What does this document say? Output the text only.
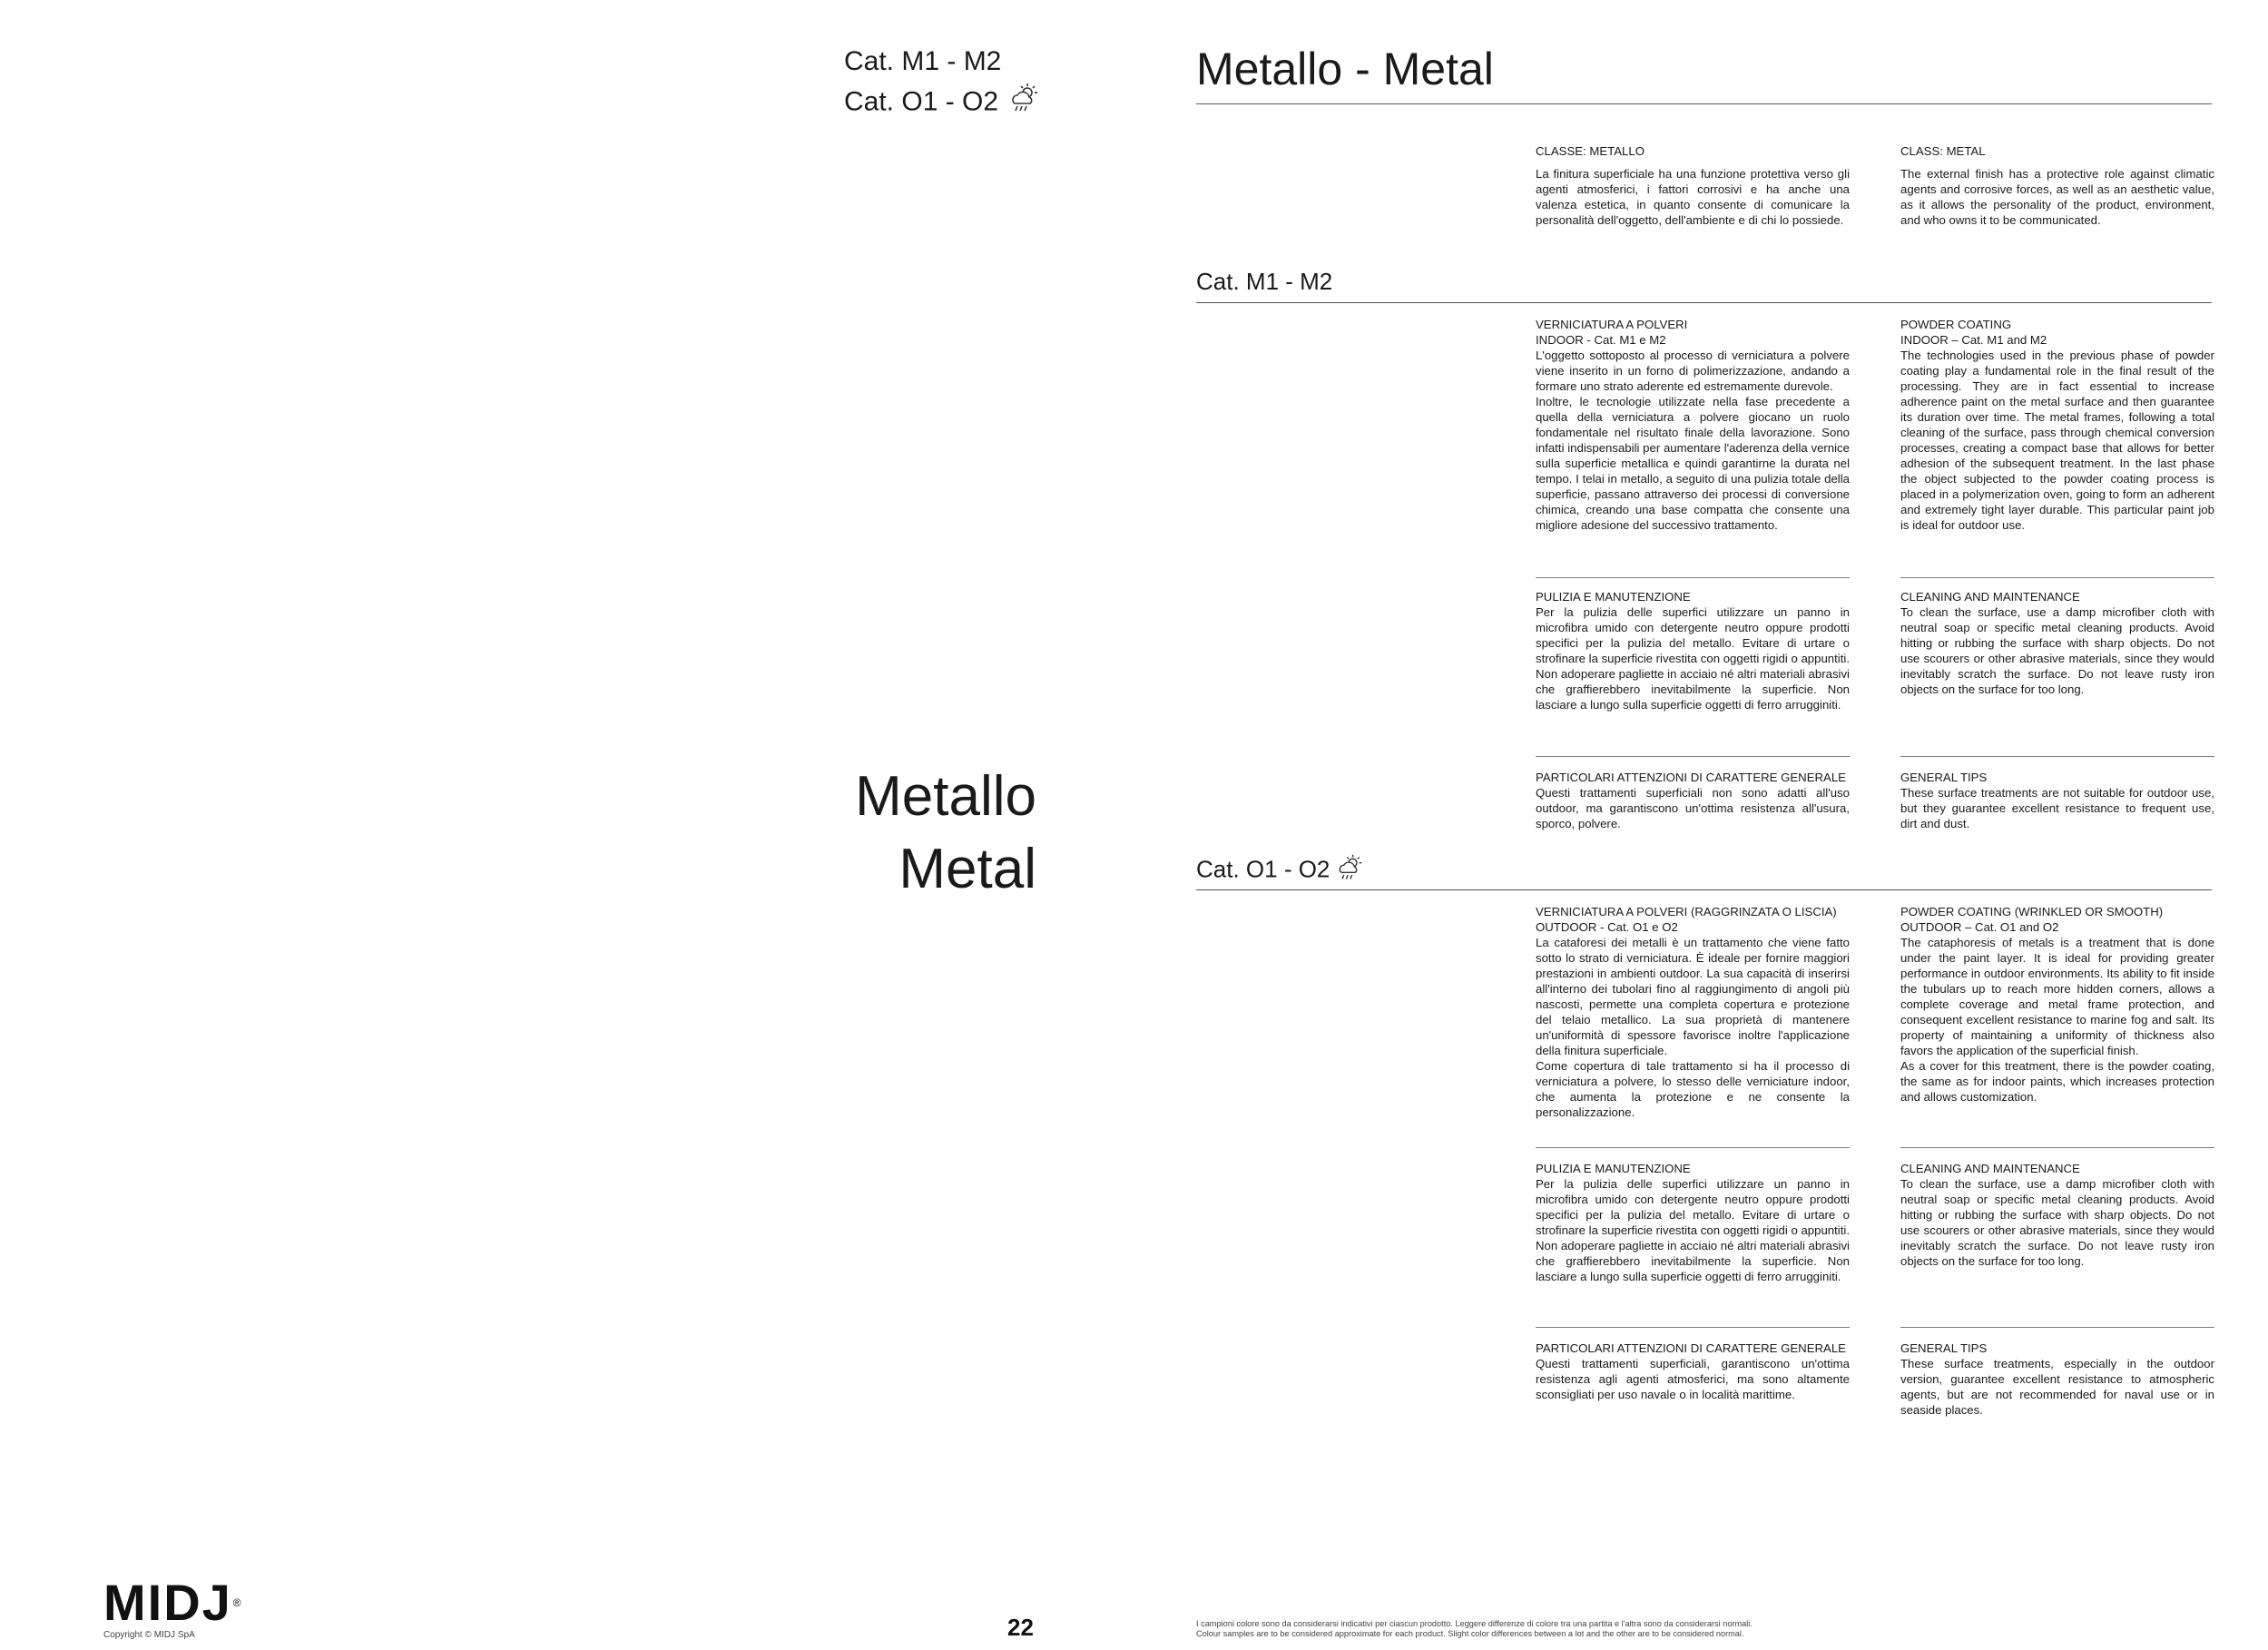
Cat. M1 - M2
Cat. O1 - O2
Metallo
Metal
Metallo - Metal

CLASSE: METALLO

La finitura superficiale ha una funzione protettiva verso gli agenti atmosferici, i fattori corrosivi e ha anche una valenza estetica, in quanto consente di comunicare la personalità dell'oggetto, dell'ambiente e di chi lo possiede.

CLASS: METAL

The external finish has a protective role against climatic agents and corrosive forces, as well as an aesthetic value, as it allows the personality of the product, environment, and who owns it to be communicated.

Cat. M1 - M2

VERNICIATURA A POLVERI

INDOOR - Cat. M1 e M2

L'oggetto sottoposto al processo di verniciatura a polvere viene inserito in un forno di polimerizzazione, andando a formare uno strato aderente ed estremamente durevole.

Inoltre, le tecnologie utilizzate nella fase precedente a quella della verniciatura a polvere giocano un ruolo fondamentale nel risultato finale della lavorazione. Sono infatti indispensabili per aumentare l'aderenza della vernice sulla superficie metallica e quindi garantirne la durata nel tempo. I telai in metallo, a seguito di una pulizia totale della superficie, passano attraverso dei processi di conversione chimica, creando una base compatta che consente una migliore adesione del successivo trattamento.

POWDER COATING

INDOOR – Cat. M1 and M2

The technologies used in the previous phase of powder coating play a fundamental role in the final result of the processing. They are in fact essential to increase adherence paint on the metal surface and then guarantee its duration over time. The metal frames, following a total cleaning of the surface, pass through chemical conversion processes, creating a compact base that allows for better adhesion of the subsequent treatment. In the last phase the object subjected to the powder coating process is placed in a polymerization oven, going to form an adherent and extremely tight layer durable. This particular paint job is ideal for outdoor use.

PULIZIA E MANUTENZIONE

Per la pulizia delle superfici utilizzare un panno in microfibra umido con detergente neutro oppure prodotti specifici per la pulizia del metallo. Evitare di urtare o strofinare la superficie rivestita con oggetti rigidi o appuntiti.

Non adoperare pagliette in acciaio né altri materiali abrasivi che graffierebbero inevitabilmente la superficie. Non lasciare a lungo sulla superficie oggetti di ferro arrugginiti.

CLEANING AND MAINTENANCE

To clean the surface, use a damp microfiber cloth with neutral soap or specific metal cleaning products. Avoid hitting or rubbing the surface with sharp objects. Do not use scourers or other abrasive materials, since they would inevitably scratch the surface. Do not leave rusty iron objects on the surface for too long.

PARTICOLARI ATTENZIONI DI CARATTERE GENERALE

Questi trattamenti superficiali non sono adatti all'uso outdoor, ma garantiscono un'ottima resistenza all'usura, sporco, polvere.

GENERAL TIPS

These surface treatments are not suitable for outdoor use, but they guarantee excellent resistance to frequent use, dirt and dust.

Cat. O1 - O2

VERNICIATURA A POLVERI (RAGGRINZATA O LISCIA)

OUTDOOR - Cat. O1 e O2

La cataforesi dei metalli è un trattamento che viene fatto sotto lo strato di verniciatura. È ideale per fornire maggiori prestazioni in ambienti outdoor. La sua capacità di inserirsi all'interno dei tubolari fino al raggiungimento di angoli più nascosti, permette una completa copertura e protezione del telaio metallico. La sua proprietà di mantenere un'uniformità di spessore favorisce inoltre l'applicazione della finitura superficiale.

Come copertura di tale trattamento si ha il processo di verniciatura a polvere, lo stesso delle verniciature indoor, che aumenta la protezione e ne consente la personalizzazione.

POWDER COATING (WRINKLED OR SMOOTH)

OUTDOOR – Cat. O1 and O2

The cataphoresis of metals is a treatment that is done under the paint layer. It is ideal for providing greater performance in outdoor environments. Its ability to fit inside the tubulars up to reach more hidden corners, allows a complete coverage and metal frame protection, and consequent excellent resistance to marine fog and salt. Its property of maintaining a uniformity of thickness also favors the application of the superficial finish.

As a cover for this treatment, there is the powder coating, the same as for indoor paints, which increases protection and allows customization.

PULIZIA E MANUTENZIONE

Per la pulizia delle superfici utilizzare un panno in microfibra umido con detergente neutro oppure prodotti specifici per la pulizia del metallo. Evitare di urtare o strofinare la superficie rivestita con oggetti rigidi o appuntiti.

Non adoperare pagliette in acciaio né altri materiali abrasivi che graffierebbero inevitabilmente la superficie. Non lasciare a lungo sulla superficie oggetti di ferro arrugginiti.

CLEANING AND MAINTENANCE

To clean the surface, use a damp microfiber cloth with neutral soap or specific metal cleaning products. Avoid hitting or rubbing the surface with sharp objects. Do not use scourers or other abrasive materials, since they would inevitably scratch the surface. Do not leave rusty iron objects on the surface for too long.

PARTICOLARI ATTENZIONI DI CARATTERE GENERALE

Questi trattamenti superficiali, garantiscono un'ottima resistenza agli agenti atmosferici, ma sono altamente sconsigliati per uso navale o in località marittime.

GENERAL TIPS

These surface treatments, especially in the outdoor version, guarantee excellent resistance to atmospheric agents, but are not recommended for naval use or in seaside places.

MIDJ®
Copyright © MIDJ SpA	22	I campioni colore sono da considerarsi indicativi per ciascun prodotto. Leggere differenze di colore tra una partita e l'altra sono da considerarsi normali.
Colour samples are to be considered approximate for each product. Slight color differences between a lot and the other are to be considered normal.
